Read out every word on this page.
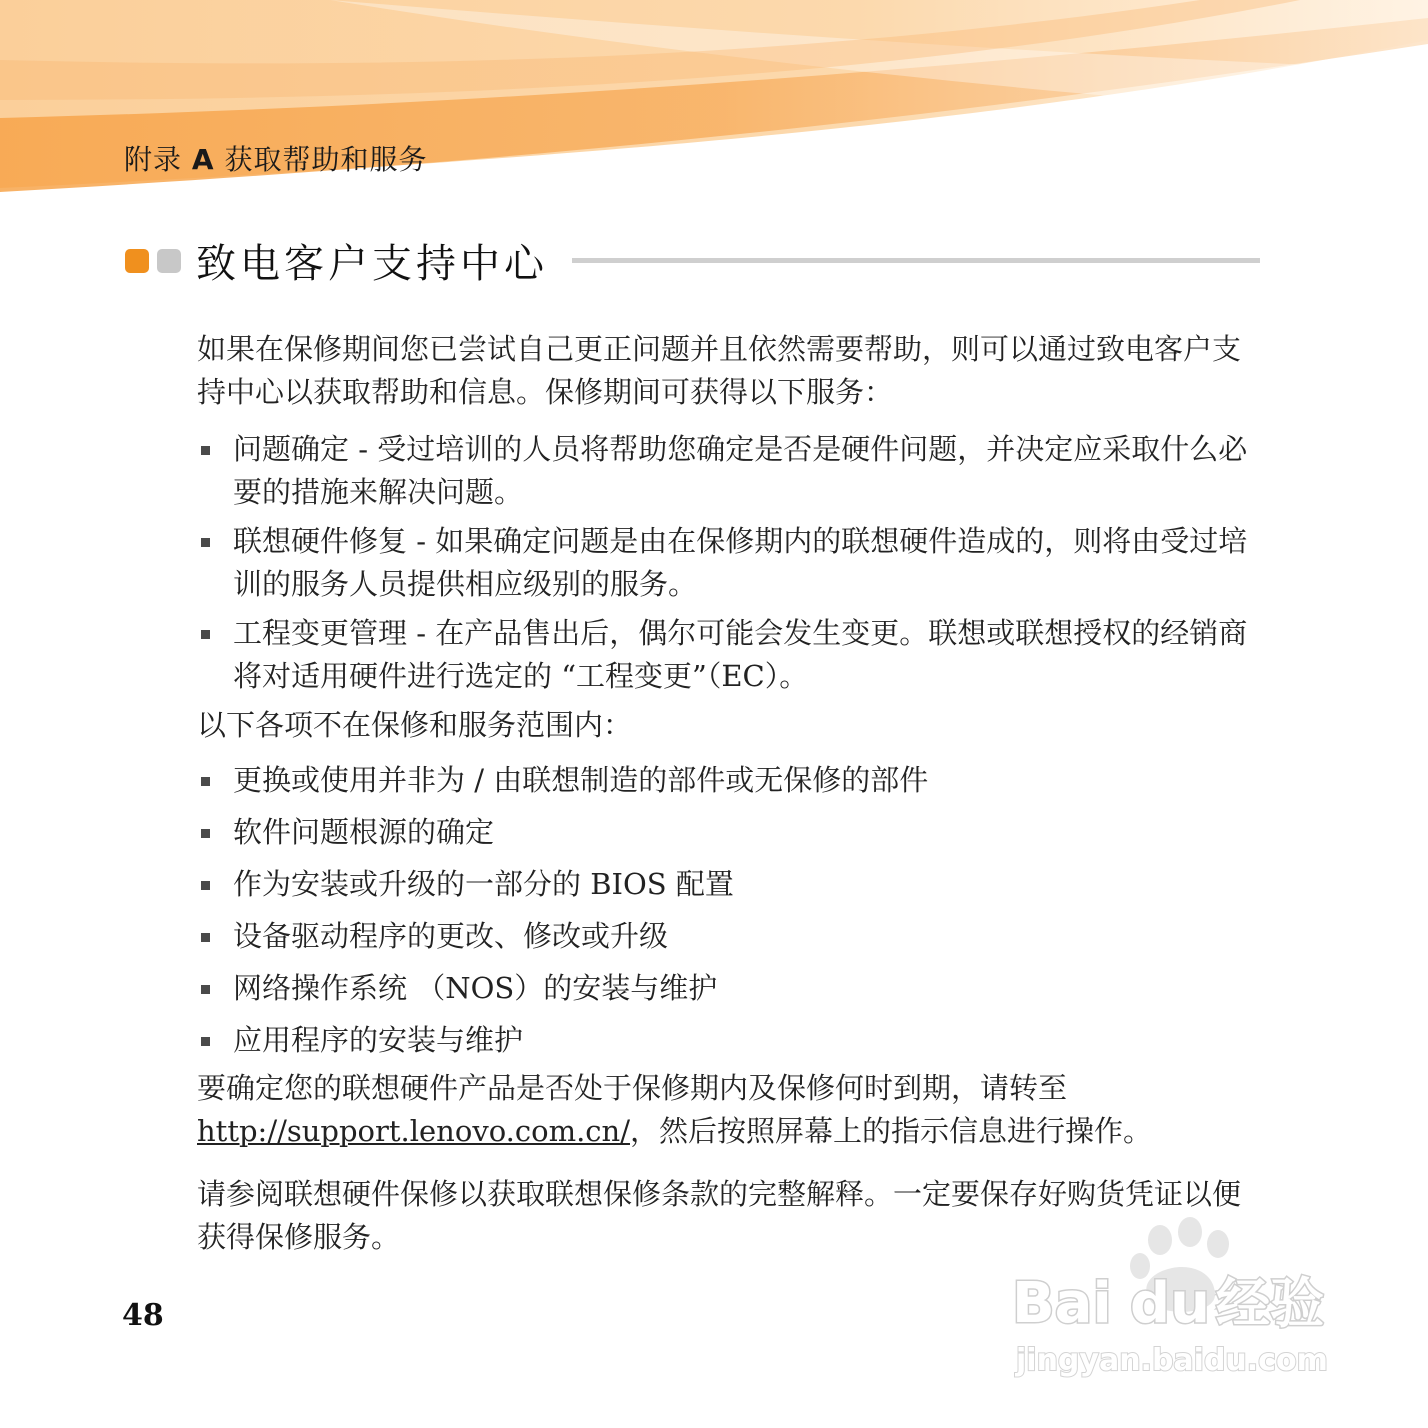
附录 A 获取帮助和服务
致电客户支持中心

如果在保修期间您已尝试自己更正问题并且依然需要帮助，则可以通过致电客户支持中心以获取帮助和信息。保修期间可获得以下服务：

问题确定 - 受过培训的人员将帮助您确定是否是硬件问题，并决定应采取什么必要的措施来解决问题。
联想硬件修复 - 如果确定问题是由在保修期内的联想硬件造成的，则将由受过培训的服务人员提供相应级别的服务。
工程变更管理 - 在产品售出后，偶尔可能会发生变更。联想或联想授权的经销商将对适用硬件进行选定的 “工程变更”（EC）。

以下各项不在保修和服务范围内：

更换或使用并非为 / 由联想制造的部件或无保修的部件
软件问题根源的确定
作为安装或升级的一部分的 BIOS 配置
设备驱动程序的更改、修改或升级
网络操作系统 （NOS）的安装与维护
应用程序的安装与维护

要确定您的联想硬件产品是否处于保修期内及保修何时到期，请转至
http://support.lenovo.com.cn/，然后按照屏幕上的指示信息进行操作。

请参阅联想硬件保修以获取联想保修条款的完整解释。一定要保存好购货凭证以便获得保修服务。

48	Bai du 经验
jingyan.baidu.com
